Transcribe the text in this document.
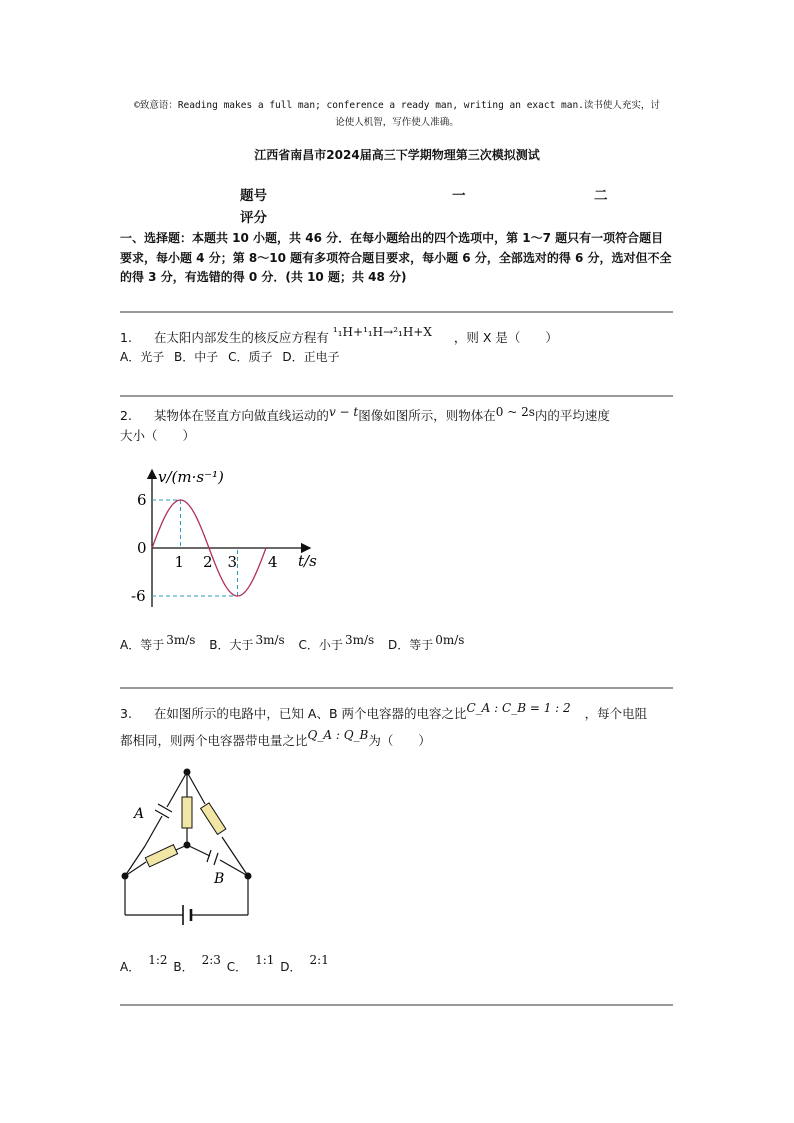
©致意语：Reading makes a full man; conference a ready man, writing an exact man.读书使人充实，讨
论使人机智，写作使人准确。
江西省南昌市2024届高三下学期物理第三次模拟测试
题号	一	二
评分
一、选择题：本题共 10 小题，共 46 分．在每小题给出的四个选项中，第 1～7 题只有一项符合题目要求，每小题 4 分；第 8～10 题有多项符合题目要求，每小题 6 分，全部选对的得 6 分，选对但不全的得 3 分，有选错的得 0 分．(共 10 题；共 48 分)
1. 在太阳内部发生的核反应方程有 ¹₁H+¹₁H→²₁H+X ，则 X 是（　　）
A．光子 B．中子 C．质子 D．正电子
2. 某物体在竖直方向做直线运动的v − t图像如图所示，则物体在0 ~ 2s内的平均速度
大小（　　）
v/(m·s⁻¹)
t/s
1 2 3 4
6
0
-6
A．等于 3m/s B．大于 3m/s C．小于 3m/s D．等于 0m/s
3. 在如图所示的电路中，已知 A、B 两个电容器的电容之比C_A : C_B = 1 : 2 ，每个电阻
都相同，则两个电容器带电量之比Q_A : Q_B为（　　）
A
B
A． 1:2 B． 2:3 C． 1:1 D． 2:1
